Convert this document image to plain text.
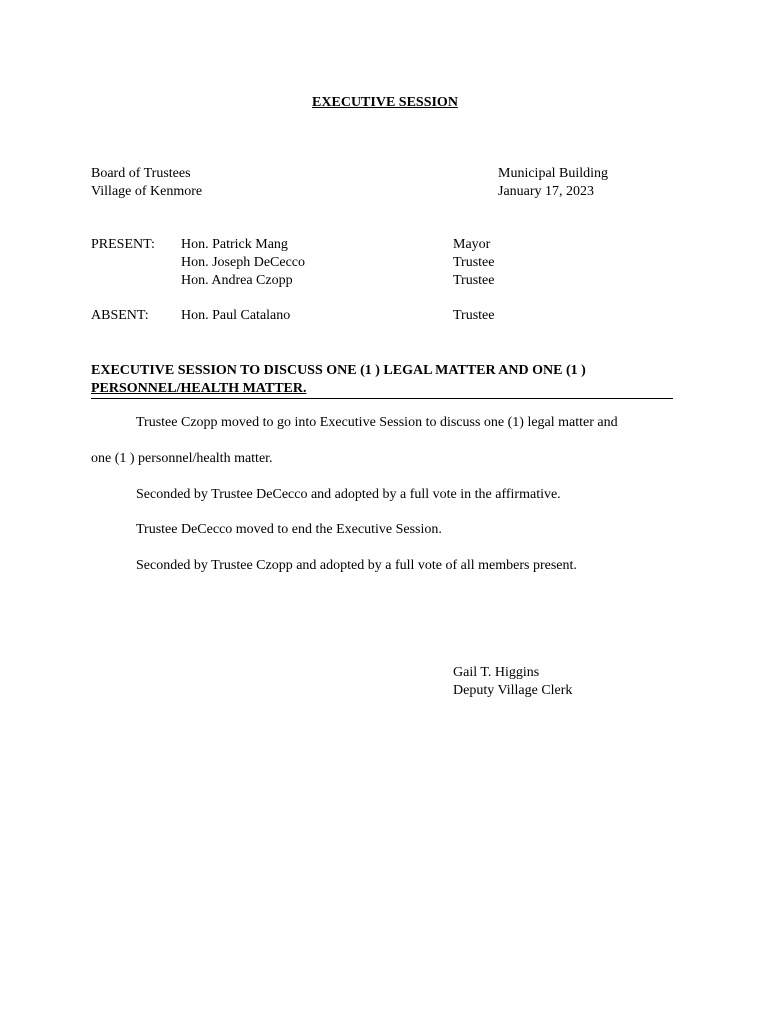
EXECUTIVE SESSION
Board of Trustees
Village of Kenmore
Municipal Building
January 17, 2023
PRESENT: Hon. Patrick Mang
Hon. Joseph DeCecco
Hon. Andrea Czopp
Mayor
Trustee
Trustee
ABSENT: Hon. Paul Catalano	Trustee
EXECUTIVE SESSION TO DISCUSS ONE (1 ) LEGAL MATTER AND ONE (1 )
PERSONNEL/HEALTH MATTER.
Trustee Czopp moved to go into Executive Session to discuss one (1) legal matter and
one (1 ) personnel/health matter.
Seconded by Trustee DeCecco and adopted by a full vote in the affirmative.
Trustee DeCecco moved to end the Executive Session.
Seconded by Trustee Czopp and adopted by a full vote of all members present.
Gail T. Higgins
Deputy Village Clerk
